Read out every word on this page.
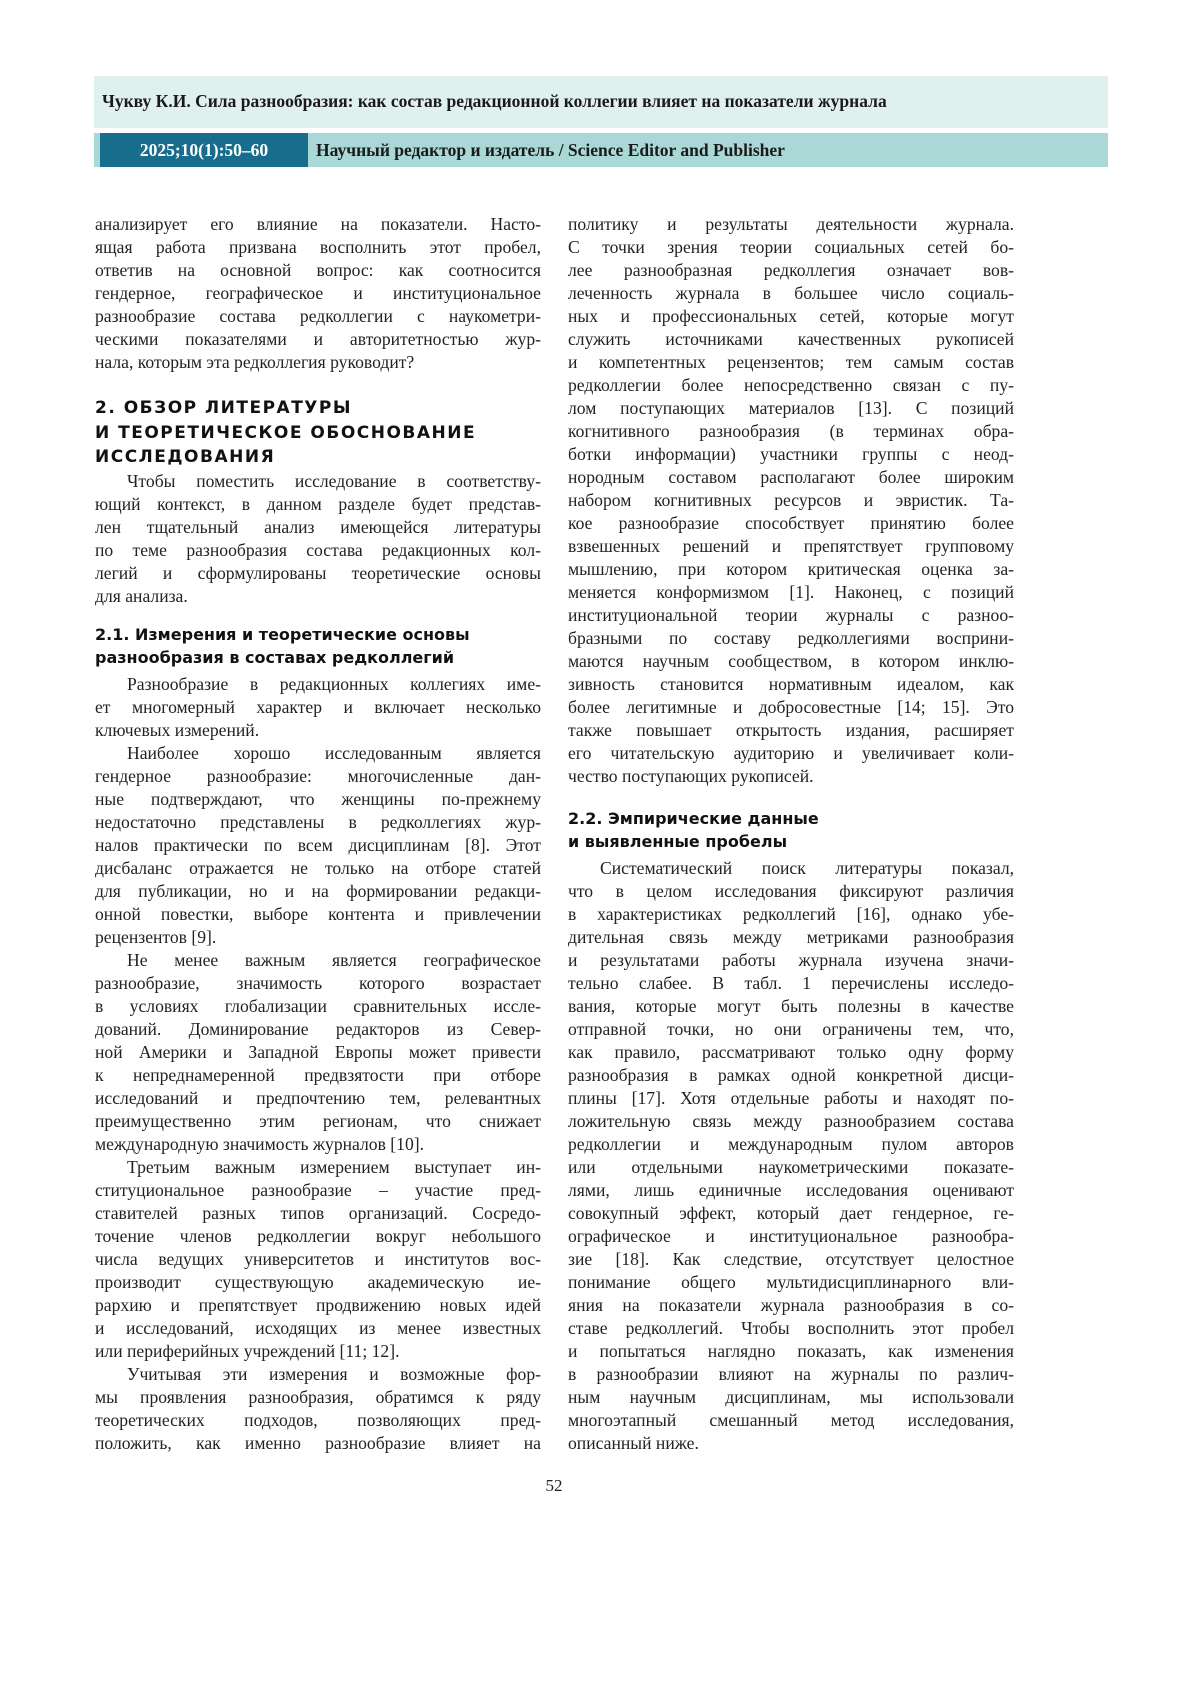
Чукву К.И. Сила разнообразия: как состав редакционной коллегии влияет на показатели журнала
2025;10(1):50–60	Научный редактор и издатель / Science Editor and Publisher
анализирует его влияние на показатели. Насто-
ящая работа призвана восполнить этот пробел,
ответив на основной вопрос: как соотносится
гендерное, географическое и институциональное
разнообразие состава редколлегии с наукометри-
ческими показателями и авторитетностью жур-
нала, которым эта редколлегия руководит?
2. ОБЗОР ЛИТЕРАТУРЫ
И ТЕОРЕТИЧЕСКОЕ ОБОСНОВАНИЕ
ИССЛЕДОВАНИЯ
Чтобы поместить исследование в соответству-
ющий контекст, в данном разделе будет представ-
лен тщательный анализ имеющейся литературы
по теме разнообразия состава редакционных кол-
легий и сформулированы теоретические основы
для анализа.
2.1. Измерения и теоретические основы
разнообразия в составах редколлегий
Разнообразие в редакционных коллегиях име-
ет многомерный характер и включает несколько
ключевых измерений.
Наиболее хорошо исследованным является
гендерное разнообразие: многочисленные дан-
ные подтверждают, что женщины по-прежнему
недостаточно представлены в редколлегиях жур-
налов практически по всем дисциплинам [8]. Этот
дисбаланс отражается не только на отборе статей
для публикации, но и на формировании редакци-
онной повестки, выборе контента и привлечении
рецензентов [9].
Не менее важным является географическое
разнообразие, значимость которого возрастает
в условиях глобализации сравнительных иссле-
дований. Доминирование редакторов из Север-
ной Америки и Западной Европы может привести
к непреднамеренной предвзятости при отборе
исследований и предпочтению тем, релевантных
преимущественно этим регионам, что снижает
международную значимость журналов [10].
Третьим важным измерением выступает ин-
ституциональное разнообразие – участие пред-
ставителей разных типов организаций. Сосредо-
точение членов редколлегии вокруг небольшого
числа ведущих университетов и институтов вос-
производит существующую академическую ие-
рархию и препятствует продвижению новых идей
и исследований, исходящих из менее известных
или периферийных учреждений [11; 12].
Учитывая эти измерения и возможные фор-
мы проявления разнообразия, обратимся к ряду
теоретических подходов, позволяющих пред-
положить, как именно разнообразие влияет на
политику и результаты деятельности журнала.
С точки зрения теории социальных сетей бо-
лее разнообразная редколлегия означает вов-
леченность журнала в большее число социаль-
ных и профессиональных сетей, которые могут
служить источниками качественных рукописей
и компетентных рецензентов; тем самым состав
редколлегии более непосредственно связан с пу-
лом поступающих материалов [13]. С позиций
когнитивного разнообразия (в терминах обра-
ботки информации) участники группы с неод-
нородным составом располагают более широким
набором когнитивных ресурсов и эвристик. Та-
кое разнообразие способствует принятию более
взвешенных решений и препятствует групповому
мышлению, при котором критическая оценка за-
меняется конформизмом [1]. Наконец, с позиций
институциональной теории журналы с разноо-
бразными по составу редколлегиями восприни-
маются научным сообществом, в котором инклю-
зивность становится нормативным идеалом, как
более легитимные и добросовестные [14; 15]. Это
также повышает открытость издания, расширяет
его читательскую аудиторию и увеличивает коли-
чество поступающих рукописей.
2.2. Эмпирические данные
и выявленные пробелы
Систематический поиск литературы показал,
что в целом исследования фиксируют различия
в характеристиках редколлегий [16], однако убе-
дительная связь между метриками разнообразия
и результатами работы журнала изучена значи-
тельно слабее. В табл. 1 перечислены исследо-
вания, которые могут быть полезны в качестве
отправной точки, но они ограничены тем, что,
как правило, рассматривают только одну форму
разнообразия в рамках одной конкретной дисци-
плины [17]. Хотя отдельные работы и находят по-
ложительную связь между разнообразием состава
редколлегии и международным пулом авторов
или отдельными наукометрическими показате-
лями, лишь единичные исследования оценивают
совокупный эффект, который дает гендерное, ге-
ографическое и институциональное разнообра-
зие [18]. Как следствие, отсутствует целостное
понимание общего мультидисциплинарного вли-
яния на показатели журнала разнообразия в со-
ставе редколлегий. Чтобы восполнить этот пробел
и попытаться наглядно показать, как изменения
в разнообразии влияют на журналы по различ-
ным научным дисциплинам, мы использовали
многоэтапный смешанный метод исследования,
описанный ниже.
52
